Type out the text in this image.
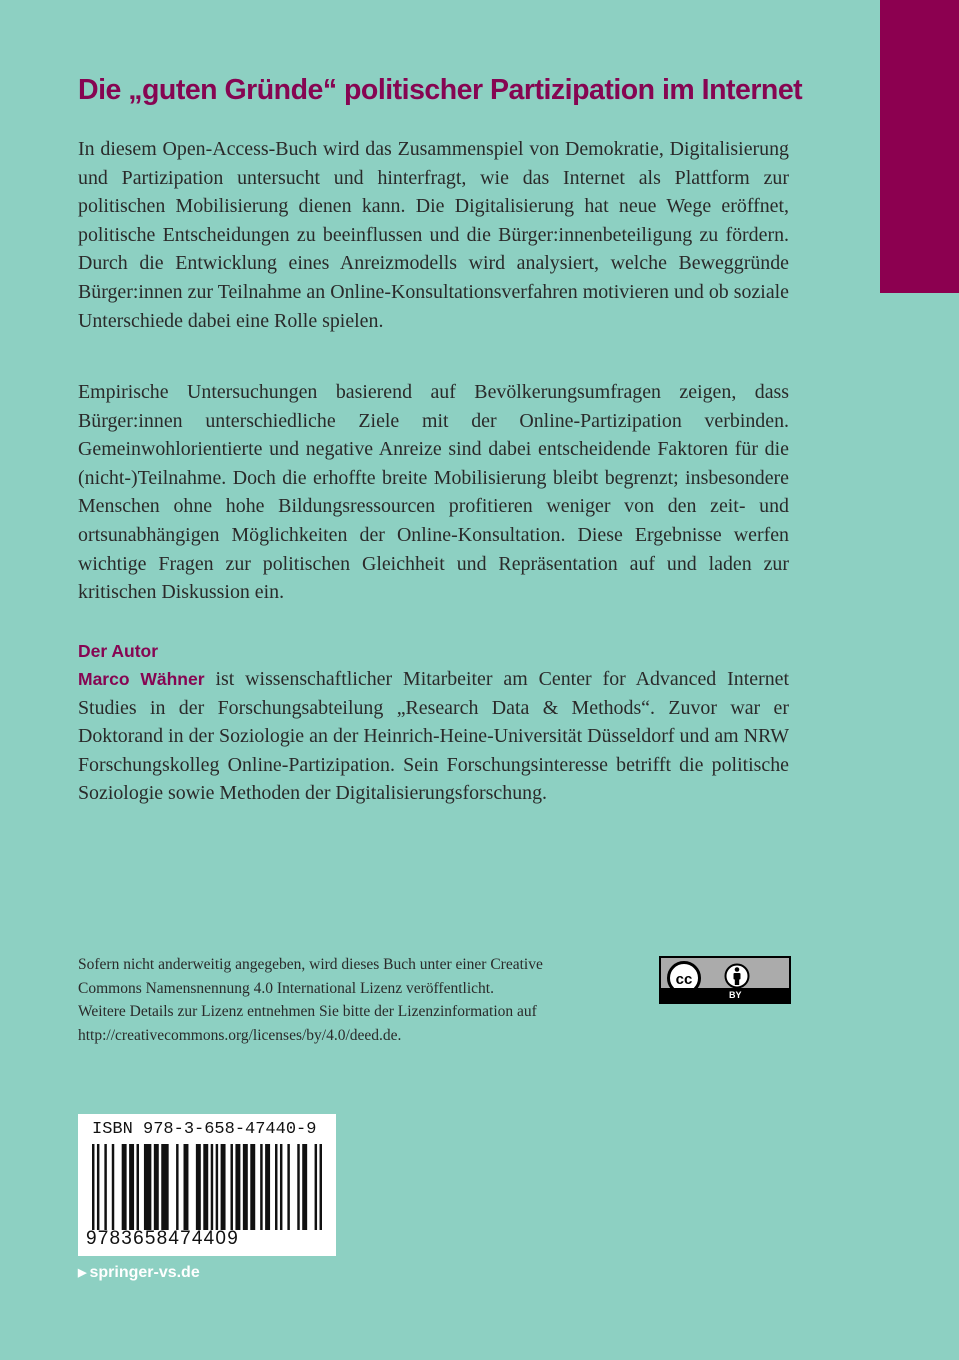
Die „guten Gründe“ politischer Partizipation im Internet

In diesem Open-Access-Buch wird das Zusammenspiel von Demokratie, Digitalisierung und Partizipation untersucht und hinterfragt, wie das Internet als Plattform zur politischen Mobilisierung dienen kann. Die Digitalisierung hat neue Wege eröffnet, politische Entscheidungen zu beeinflussen und die Bürger:innenbeteiligung zu fördern. Durch die Entwicklung eines Anreizmodells wird analysiert, welche Beweggründe Bürger:innen zur Teilnahme an Online-Konsultationsverfahren motivieren und ob soziale Unterschiede dabei eine Rolle spielen.

Empirische Untersuchungen basierend auf Bevölkerungsumfragen zeigen, dass Bürger:innen unterschiedliche Ziele mit der Online-Partizipation verbinden. Gemeinwohlorientierte und negative Anreize sind dabei entscheidende Faktoren für die (nicht-)Teilnahme. Doch die erhoffte breite Mobilisierung bleibt begrenzt; insbesondere Menschen ohne hohe Bildungsressourcen profitieren weniger von den zeit- und ortsunabhängigen Möglichkeiten der Online-Konsultation. Diese Ergebnisse werfen wichtige Fragen zur politischen Gleichheit und Repräsentation auf und laden zur kritischen Diskussion ein.

Der Autor

Marco Wähner ist wissenschaftlicher Mitarbeiter am Center for Advanced Internet Studies in der Forschungsabteilung „Research Data & Methods“. Zuvor war er Doktorand in der Soziologie an der Heinrich-Heine-Universität Düsseldorf und am NRW Forschungskolleg Online-Partizipation. Sein Forschungsinteresse betrifft die politische Soziologie sowie Methoden der Digitalisierungsforschung.

Sofern nicht anderweitig angegeben, wird dieses Buch unter einer Creative
Commons Namensnennung 4.0 International Lizenz veröffentlicht.
Weitere Details zur Lizenz entnehmen Sie bitte der Lizenzinformation auf
http://creativecommons.org/licenses/by/4.0/deed.de.

cc
BY

ISBN 978-3-658-47440-9

9783658474409

▶ springer-vs.de
